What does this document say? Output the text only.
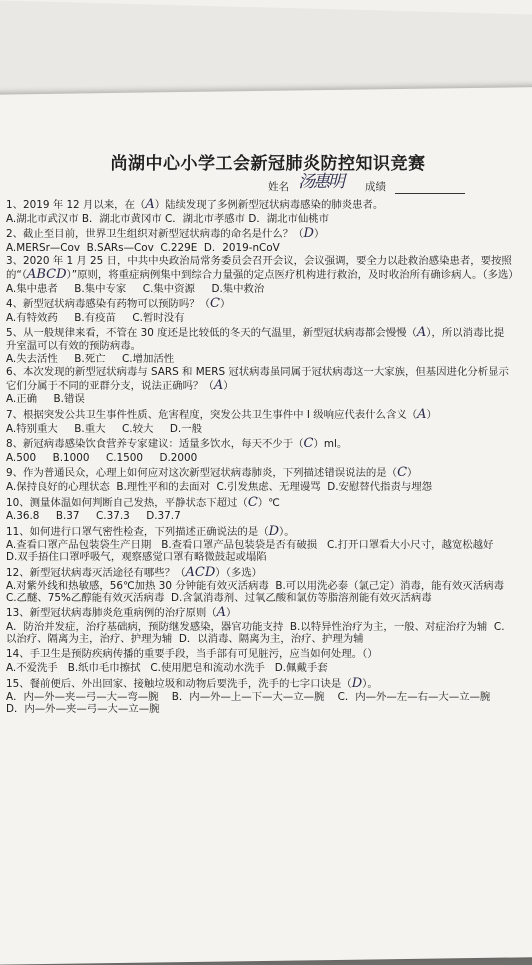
尚湖中心小学工会新冠肺炎防控知识竞赛
姓名 汤惠明 成绩
1、2019 年 12 月以来，在（A）陆续发现了多例新型冠状病毒感染的肺炎患者。
A.湖北市武汉市 B．湖北市黄冈市 C．湖北市孝感市 D．湖北市仙桃市
2、截止至目前，世界卫生组织对新型冠状病毒的命名是什么？（D）
A.MERSr—Cov  B.SARs—Cov  C.229E  D．2019-nCoV
3、2020 年 1 月 25 日，中共中央政治局常务委员会召开会议，会议强调，要全力以赴救治感染患者，要按照的“（ABCD）”原则，将重症病例集中到综合力量强的定点医疗机构进行救治，及时收治所有确诊病人。（多选）
A.集中患者     B.集中专家     C.集中资源     D.集中救治
4、新型冠状病毒感染有药物可以预防吗？（C）
A.有特效药     B.有疫苗     C.暂时没有
5、从一般规律来看，不管在 30 度还是比较低的冬天的气温里，新型冠状病毒都会慢慢（A），所以消毒比提升室温可以有效的预防病毒。
A.失去活性     B.死亡     C.增加活性
6、本次发现的新型冠状病毒与 SARS 和 MERS 冠状病毒虽同属于冠状病毒这一大家族，但基因进化分析显示它们分属于不同的亚群分支，说法正确吗？（A）
A.正确     B.错误
7、根据突发公共卫生事件性质、危害程度，突发公共卫生事件中 I 级响应代表什么含义（A）
A.特别重大     B.重大     C.较大     D.一般
8、新冠病毒感染饮食营养专家建议：适量多饮水，每天不少于（C）ml。
A.500     B.1000     C.1500     D.2000
9、作为普通民众，心理上如何应对这次新型冠状病毒肺炎，下列描述错误说法的是（C）
A.保持良好的心理状态  B.理性平和的去面对  C.引发焦虑、无理谩骂  D.安慰替代指责与埋怨
10、测量体温如何判断自己发热，平静状态下超过（C）℃
A.36.8     B.37     C.37.3     D.37.7
11、如何进行口罩气密性检查，下列描述正确说法的是（D）。
A.查看口罩产品包装袋生产日期   B.查看口罩产品包装袋是否有破损   C.打开口罩看大小尺寸，越宽松越好   D.双手捂住口罩呼吸气，观察感觉口罩有略微鼓起或塌陷
12、新型冠状病毒灭活途径有哪些？（ACD）（多选）
A.对紫外线和热敏感，56℃加热 30 分钟能有效灭活病毒  B.可以用洗必泰（氯己定）消毒，能有效灭活病毒  C.乙醚、75%乙醇能有效灭活病毒  D.含氯消毒剂、过氧乙酸和氯仿等脂溶剂能有效灭活病毒
13、新型冠状病毒肺炎危重病例的治疗原则（A）
A．防治并发症，治疗基础病，预防继发感染，器官功能支持  B.以特异性治疗为主，一般、对症治疗为辅  C.以治疗、隔离为主，治疗、护理为辅  D．以消毒、隔离为主，治疗、护理为辅
14、手卫生是预防疾病传播的重要手段，当手部有可见脏污，应当如何处理。（）
A.不爱洗手   B.纸巾毛巾擦拭   C.使用肥皂和流动水洗手   D.佩戴手套
15、餐前便后、外出回家、接触垃圾和动物后要洗手，洗手的七字口诀是（D）。
A．内—外—夹—弓—大—弯—腕    B．内—外—上—下—大—立—腕    C．内—外—左—右—大—立—腕    D．内—外—夹—弓—大—立—腕
